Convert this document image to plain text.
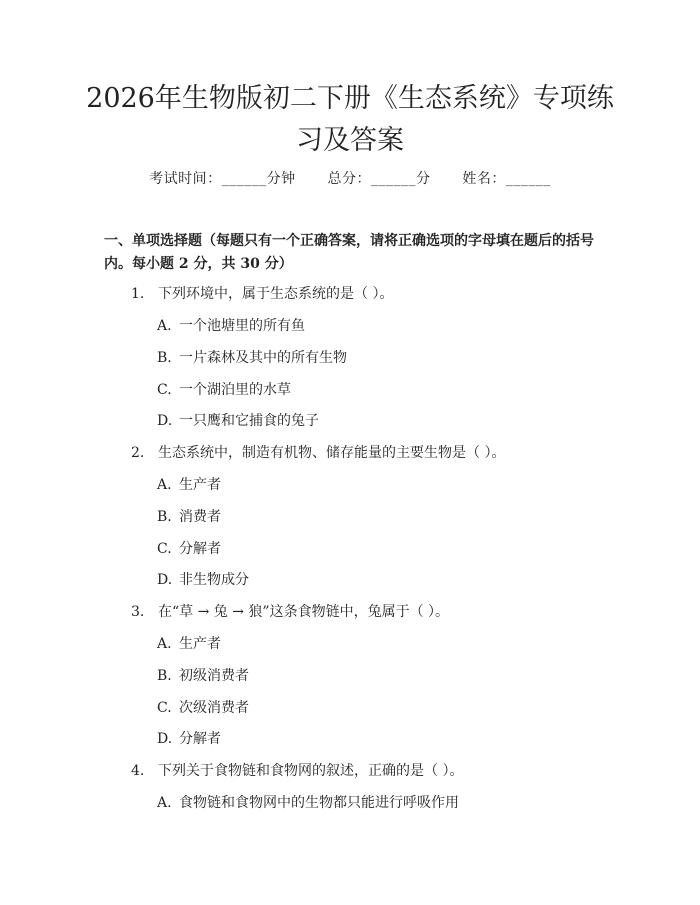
2026年生物版初二下册《生态系统》专项练习及答案
考试时间：______分钟 总分：______分 姓名：______

一、单项选择题（每题只有一个正确答案，请将正确选项的字母填在题后的括号内。每小题 2 分，共 30 分）

1. 下列环境中，属于生态系统的是（ ）。
A. 一个池塘里的所有鱼
B. 一片森林及其中的所有生物
C. 一个湖泊里的水草
D. 一只鹰和它捕食的兔子
2. 生态系统中，制造有机物、储存能量的主要生物是（ ）。
A. 生产者
B. 消费者
C. 分解者
D. 非生物成分
3. 在“草 → 兔 → 狼”这条食物链中，兔属于（ ）。
A. 生产者
B. 初级消费者
C. 次级消费者
D. 分解者
4. 下列关于食物链和食物网的叙述，正确的是（ ）。
A. 食物链和食物网中的生物都只能进行呼吸作用
